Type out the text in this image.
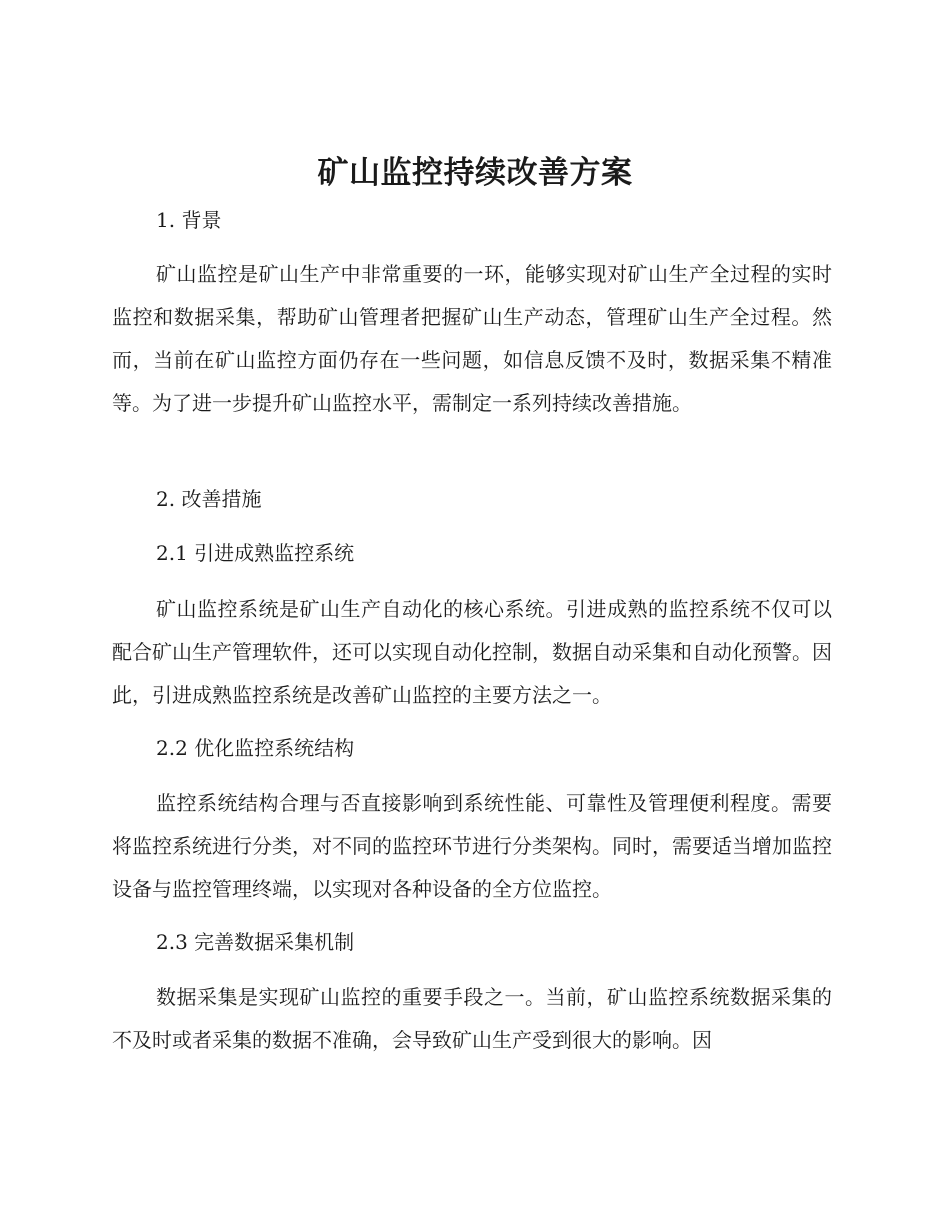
矿山监控持续改善方案
1. 背景

矿山监控是矿山生产中非常重要的一环，能够实现对矿山生产全过程的实时监控和数据采集，帮助矿山管理者把握矿山生产动态，管理矿山生产全过程。然而，当前在矿山监控方面仍存在一些问题，如信息反馈不及时，数据采集不精准等。为了进一步提升矿山监控水平，需制定一系列持续改善措施。

2. 改善措施
2.1 引进成熟监控系统

矿山监控系统是矿山生产自动化的核心系统。引进成熟的监控系统不仅可以配合矿山生产管理软件，还可以实现自动化控制，数据自动采集和自动化预警。因此，引进成熟监控系统是改善矿山监控的主要方法之一。

2.2 优化监控系统结构

监控系统结构合理与否直接影响到系统性能、可靠性及管理便利程度。需要将监控系统进行分类，对不同的监控环节进行分类架构。同时，需要适当增加监控设备与监控管理终端，以实现对各种设备的全方位监控。

2.3 完善数据采集机制

数据采集是实现矿山监控的重要手段之一。当前，矿山监控系统数据采集的不及时或者采集的数据不准确，会导致矿山生产受到很大的影响。因
